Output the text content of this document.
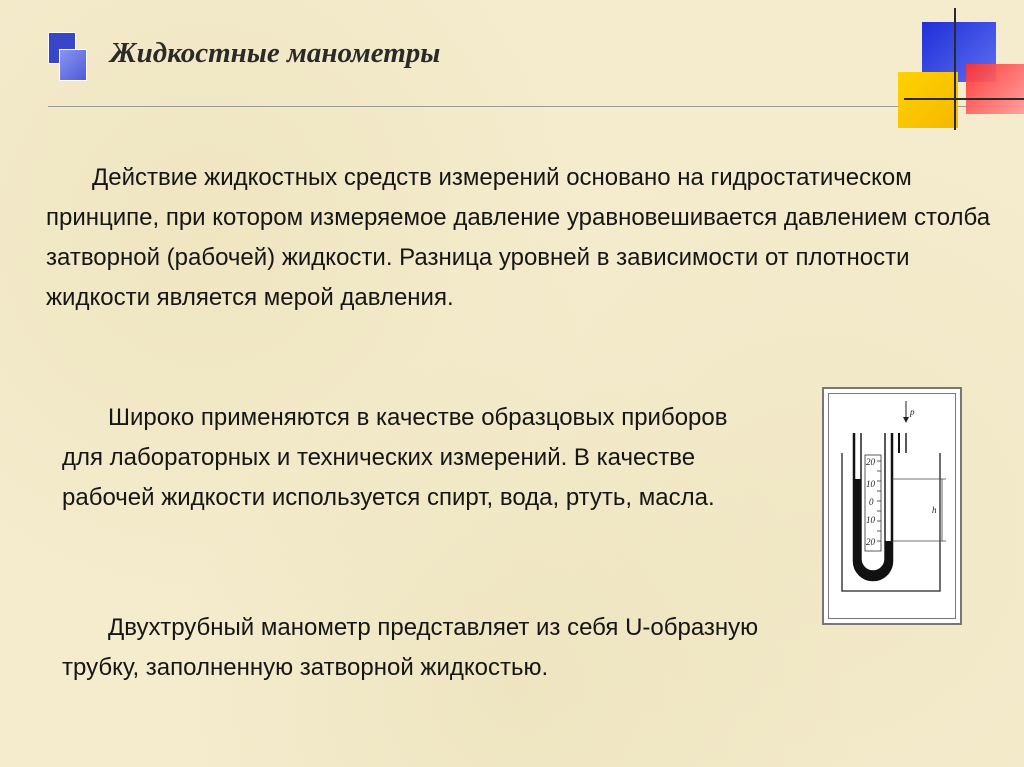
Жидкостные манометры

Действие жидкостных средств измерений основано на гидростатическом принципе, при котором измеряемое давление уравновешивается давлением столба затворной (рабочей) жидкости. Разница уровней в зависимости от плотности жидкости является мерой давления.

Широко применяются в качестве образцовых приборов для лабораторных и технических измерений. В качестве рабочей жидкости используется спирт, вода, ртуть, масла.

Двухтрубный манометр представляет из себя U-образную трубку, заполненную затворной жидкостью.

p
h
20
10
0
10
20
